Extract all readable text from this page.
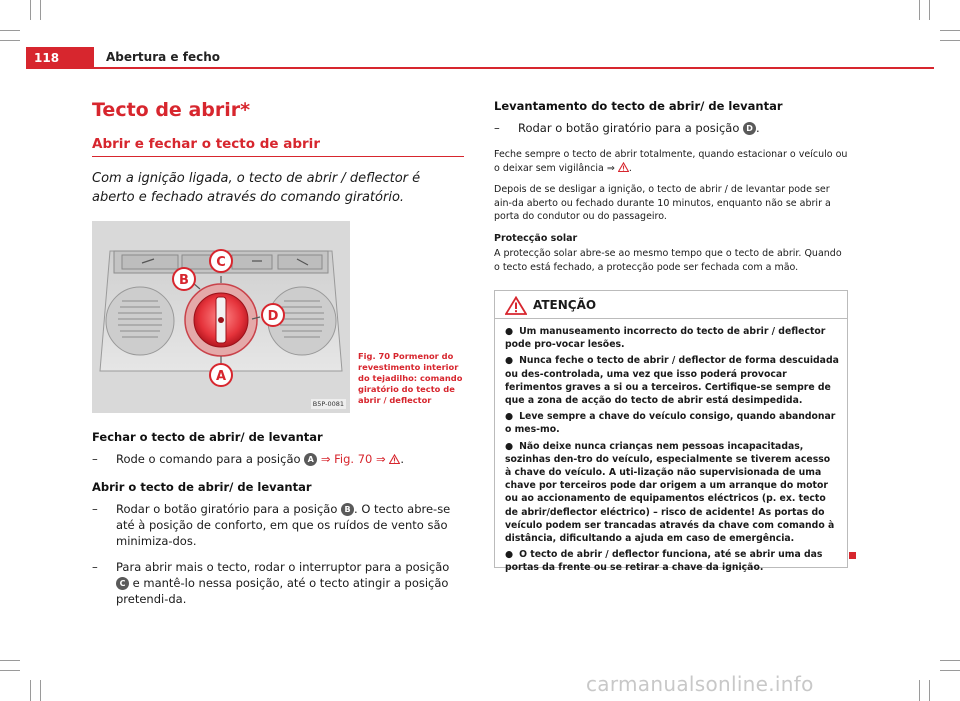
118	Abertura e fecho
Tecto de abrir*
Abrir e fechar o tecto de abrir

Com a ignição ligada, o tecto de abrir / deflector é aberto e fechado através do comando giratório.

A
B
C
D
B5P-0081
Fig. 70 Pormenor do revestimento interior do tejadilho: comando giratório do tecto de abrir / deflector
Fechar o tecto de abrir/ de levantar
– Rode o comando para a posição A ⇒ Fig. 70 ⇒ .
Abrir o tecto de abrir/ de levantar
– Rodar o botão giratório para a posição B . O tecto abre-se até à posição de conforto, em que os ruídos de vento são minimiza-dos.
– Para abrir mais o tecto, rodar o interruptor para a posição C e mantê-lo nessa posição, até o tecto atingir a posição pretendi-da.
Levantamento do tecto de abrir/ de levantar
– Rodar o botão giratório para a posição D .

Feche sempre o tecto de abrir totalmente, quando estacionar o veículo ou o deixar sem vigilância ⇒ .

Depois de se desligar a ignição, o tecto de abrir / de levantar pode ser ain-da aberto ou fechado durante 10 minutos, enquanto não se abrir a porta do condutor ou do passageiro.

Protecção solar

A protecção solar abre-se ao mesmo tempo que o tecto de abrir. Quando o tecto está fechado, a protecção pode ser fechada com a mão.

ATENÇÃO
● Um manuseamento incorrecto do tecto de abrir / deflector pode pro-vocar lesões.
● Nunca feche o tecto de abrir / deflector de forma descuidada ou des-controlada, uma vez que isso poderá provocar ferimentos graves a si ou a terceiros. Certifique-se sempre de que a zona de acção do tecto de abrir está desimpedida.
● Leve sempre a chave do veículo consigo, quando abandonar o mes-mo.
● Não deixe nunca crianças nem pessoas incapacitadas, sozinhas den-tro do veículo, especialmente se tiverem acesso à chave do veículo. A uti-lização não supervisionada de uma chave por terceiros pode dar origem a um arranque do motor ou ao accionamento de equipamentos eléctricos (p. ex. tecto de abrir/deflector eléctrico) – risco de acidente! As portas do veículo podem ser trancadas através da chave com comando à distância, dificultando a ajuda em caso de emergência.
● O tecto de abrir / deflector funciona, até se abrir uma das portas da frente ou se retirar a chave da ignição.
carmanualsonline.info
